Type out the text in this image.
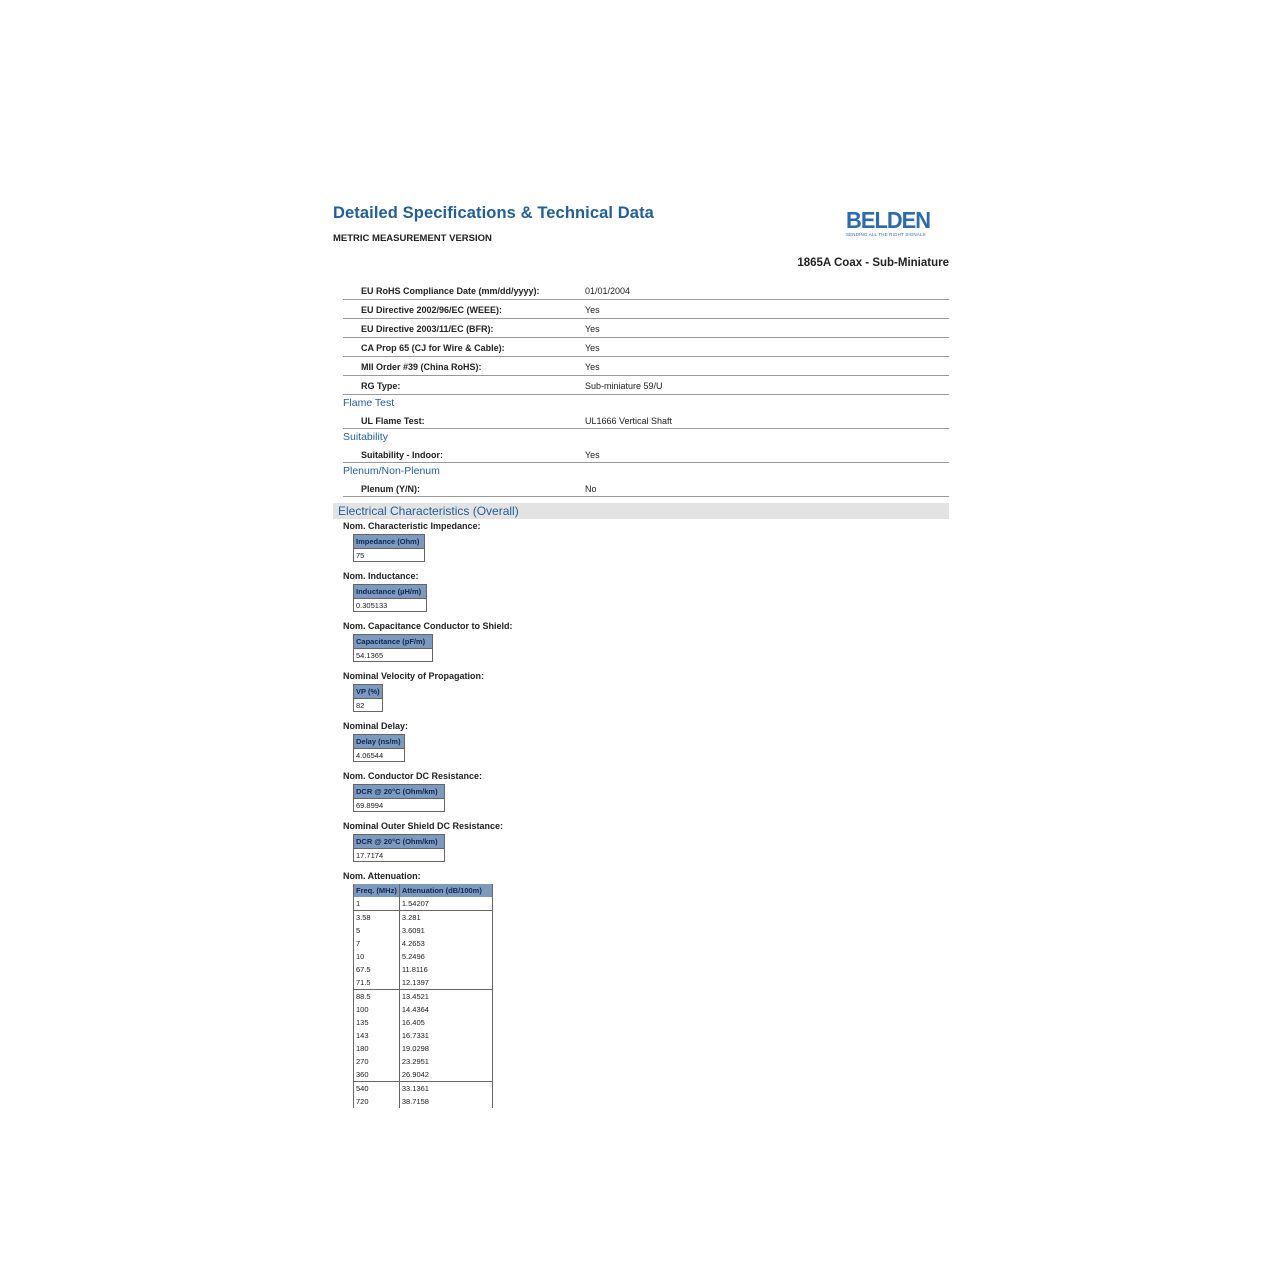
Detailed Specifications & Technical Data
METRIC MEASUREMENT VERSION
BELDEN
SENDING ALL THE RIGHT SIGNALS
1865A Coax - Sub-Miniature
EU RoHS Compliance Date (mm/dd/yyyy):	01/01/2004
EU Directive 2002/96/EC (WEEE):	Yes
EU Directive 2003/11/EC (BFR):	Yes
CA Prop 65 (CJ for Wire & Cable):	Yes
MII Order #39 (China RoHS):	Yes
RG Type:	Sub-miniature 59/U
Flame Test
UL Flame Test:	UL1666 Vertical Shaft
Suitability
Suitability - Indoor:	Yes
Plenum/Non-Plenum
Plenum (Y/N):	No
Electrical Characteristics (Overall)

Nom. Characteristic Impedance:

Impedance (Ohm)
75

Nom. Inductance:

Inductance (µH/m)
0.305133

Nom. Capacitance Conductor to Shield:

Capacitance (pF/m)
54.1365

Nominal Velocity of Propagation:

VP (%)
82

Nominal Delay:

Delay (ns/m)
4.06544

Nom. Conductor DC Resistance:

DCR @ 20°C (Ohm/km)
69.8994

Nominal Outer Shield DC Resistance:

DCR @ 20°C (Ohm/km)
17.7174

Nom. Attenuation:

Freq. (MHz)	Attenuation (dB/100m)
1	1.54207
3.58	3.281
5	3.6091
7	4.2653
10	5.2496
67.5	11.8116
71.5	12.1397
88.5	13.4521
100	14.4364
135	16.405
143	16.7331
180	19.0298
270	23.2951
360	26.9042
540	33.1361
720	38.7158
